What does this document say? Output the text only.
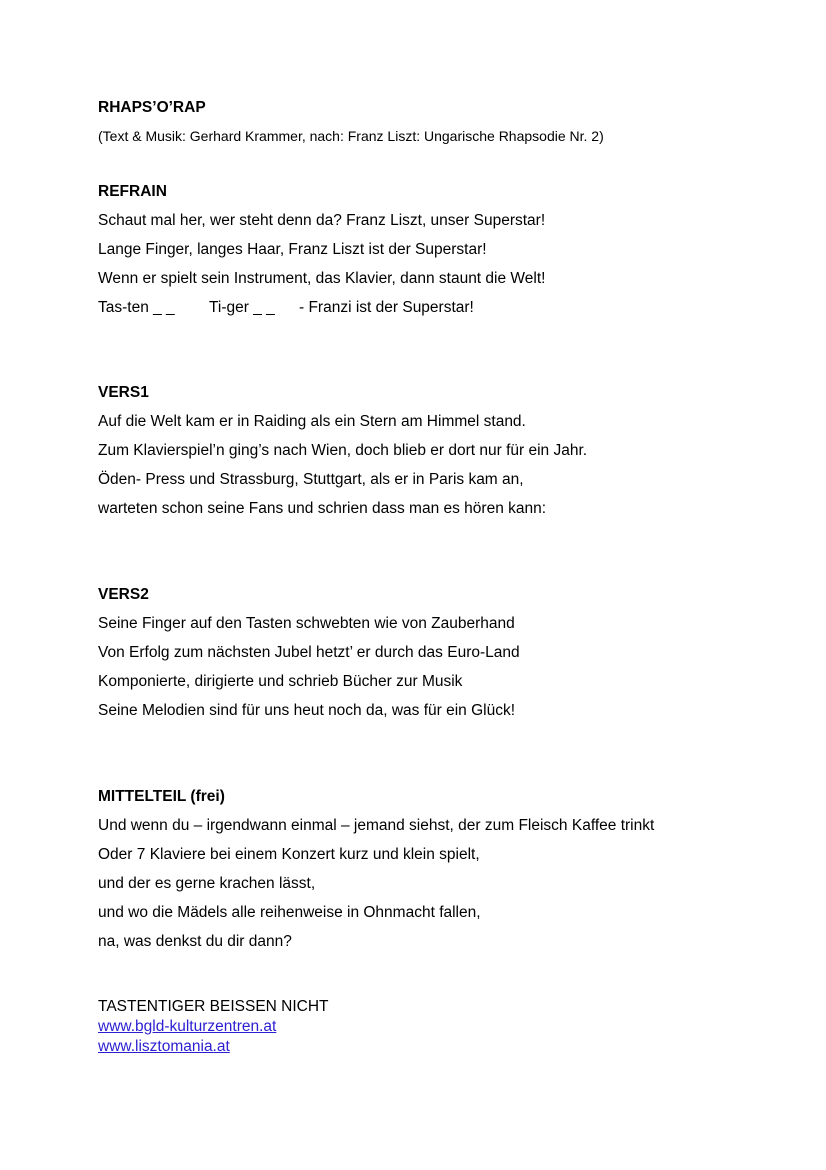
RHAPS’O’RAP
(Text & Musik: Gerhard Krammer, nach: Franz Liszt: Ungarische Rhapsodie Nr. 2)
REFRAIN
Schaut mal her, wer steht denn da? Franz Liszt, unser Superstar!
Lange Finger, langes Haar, Franz Liszt ist der Superstar!
Wenn er spielt sein Instrument, das Klavier, dann staunt die Welt!
Tas-ten _ _ Ti-ger _ _ - Franzi ist der Superstar!
VERS1
Auf die Welt kam er in Raiding als ein Stern am Himmel stand.
Zum Klavierspiel’n ging’s nach Wien, doch blieb er dort nur für ein Jahr.
Öden- Press und Strassburg, Stuttgart, als er in Paris kam an,
warteten schon seine Fans und schrien dass man es hören kann:
VERS2
Seine Finger auf den Tasten schwebten wie von Zauberhand
Von Erfolg zum nächsten Jubel hetzt’ er durch das Euro-Land
Komponierte, dirigierte und schrieb Bücher zur Musik
Seine Melodien sind für uns heut noch da, was für ein Glück!
MITTELTEIL (frei)
Und wenn du – irgendwann einmal – jemand siehst, der zum Fleisch Kaffee trinkt
Oder 7 Klaviere bei einem Konzert kurz und klein spielt,
und der es gerne krachen lässt,
und wo die Mädels alle reihenweise in Ohnmacht fallen,
na, was denkst du dir dann?
TASTENTIGER BEISSEN NICHT
www.bgld-kulturzentren.at
www.lisztomania.at
